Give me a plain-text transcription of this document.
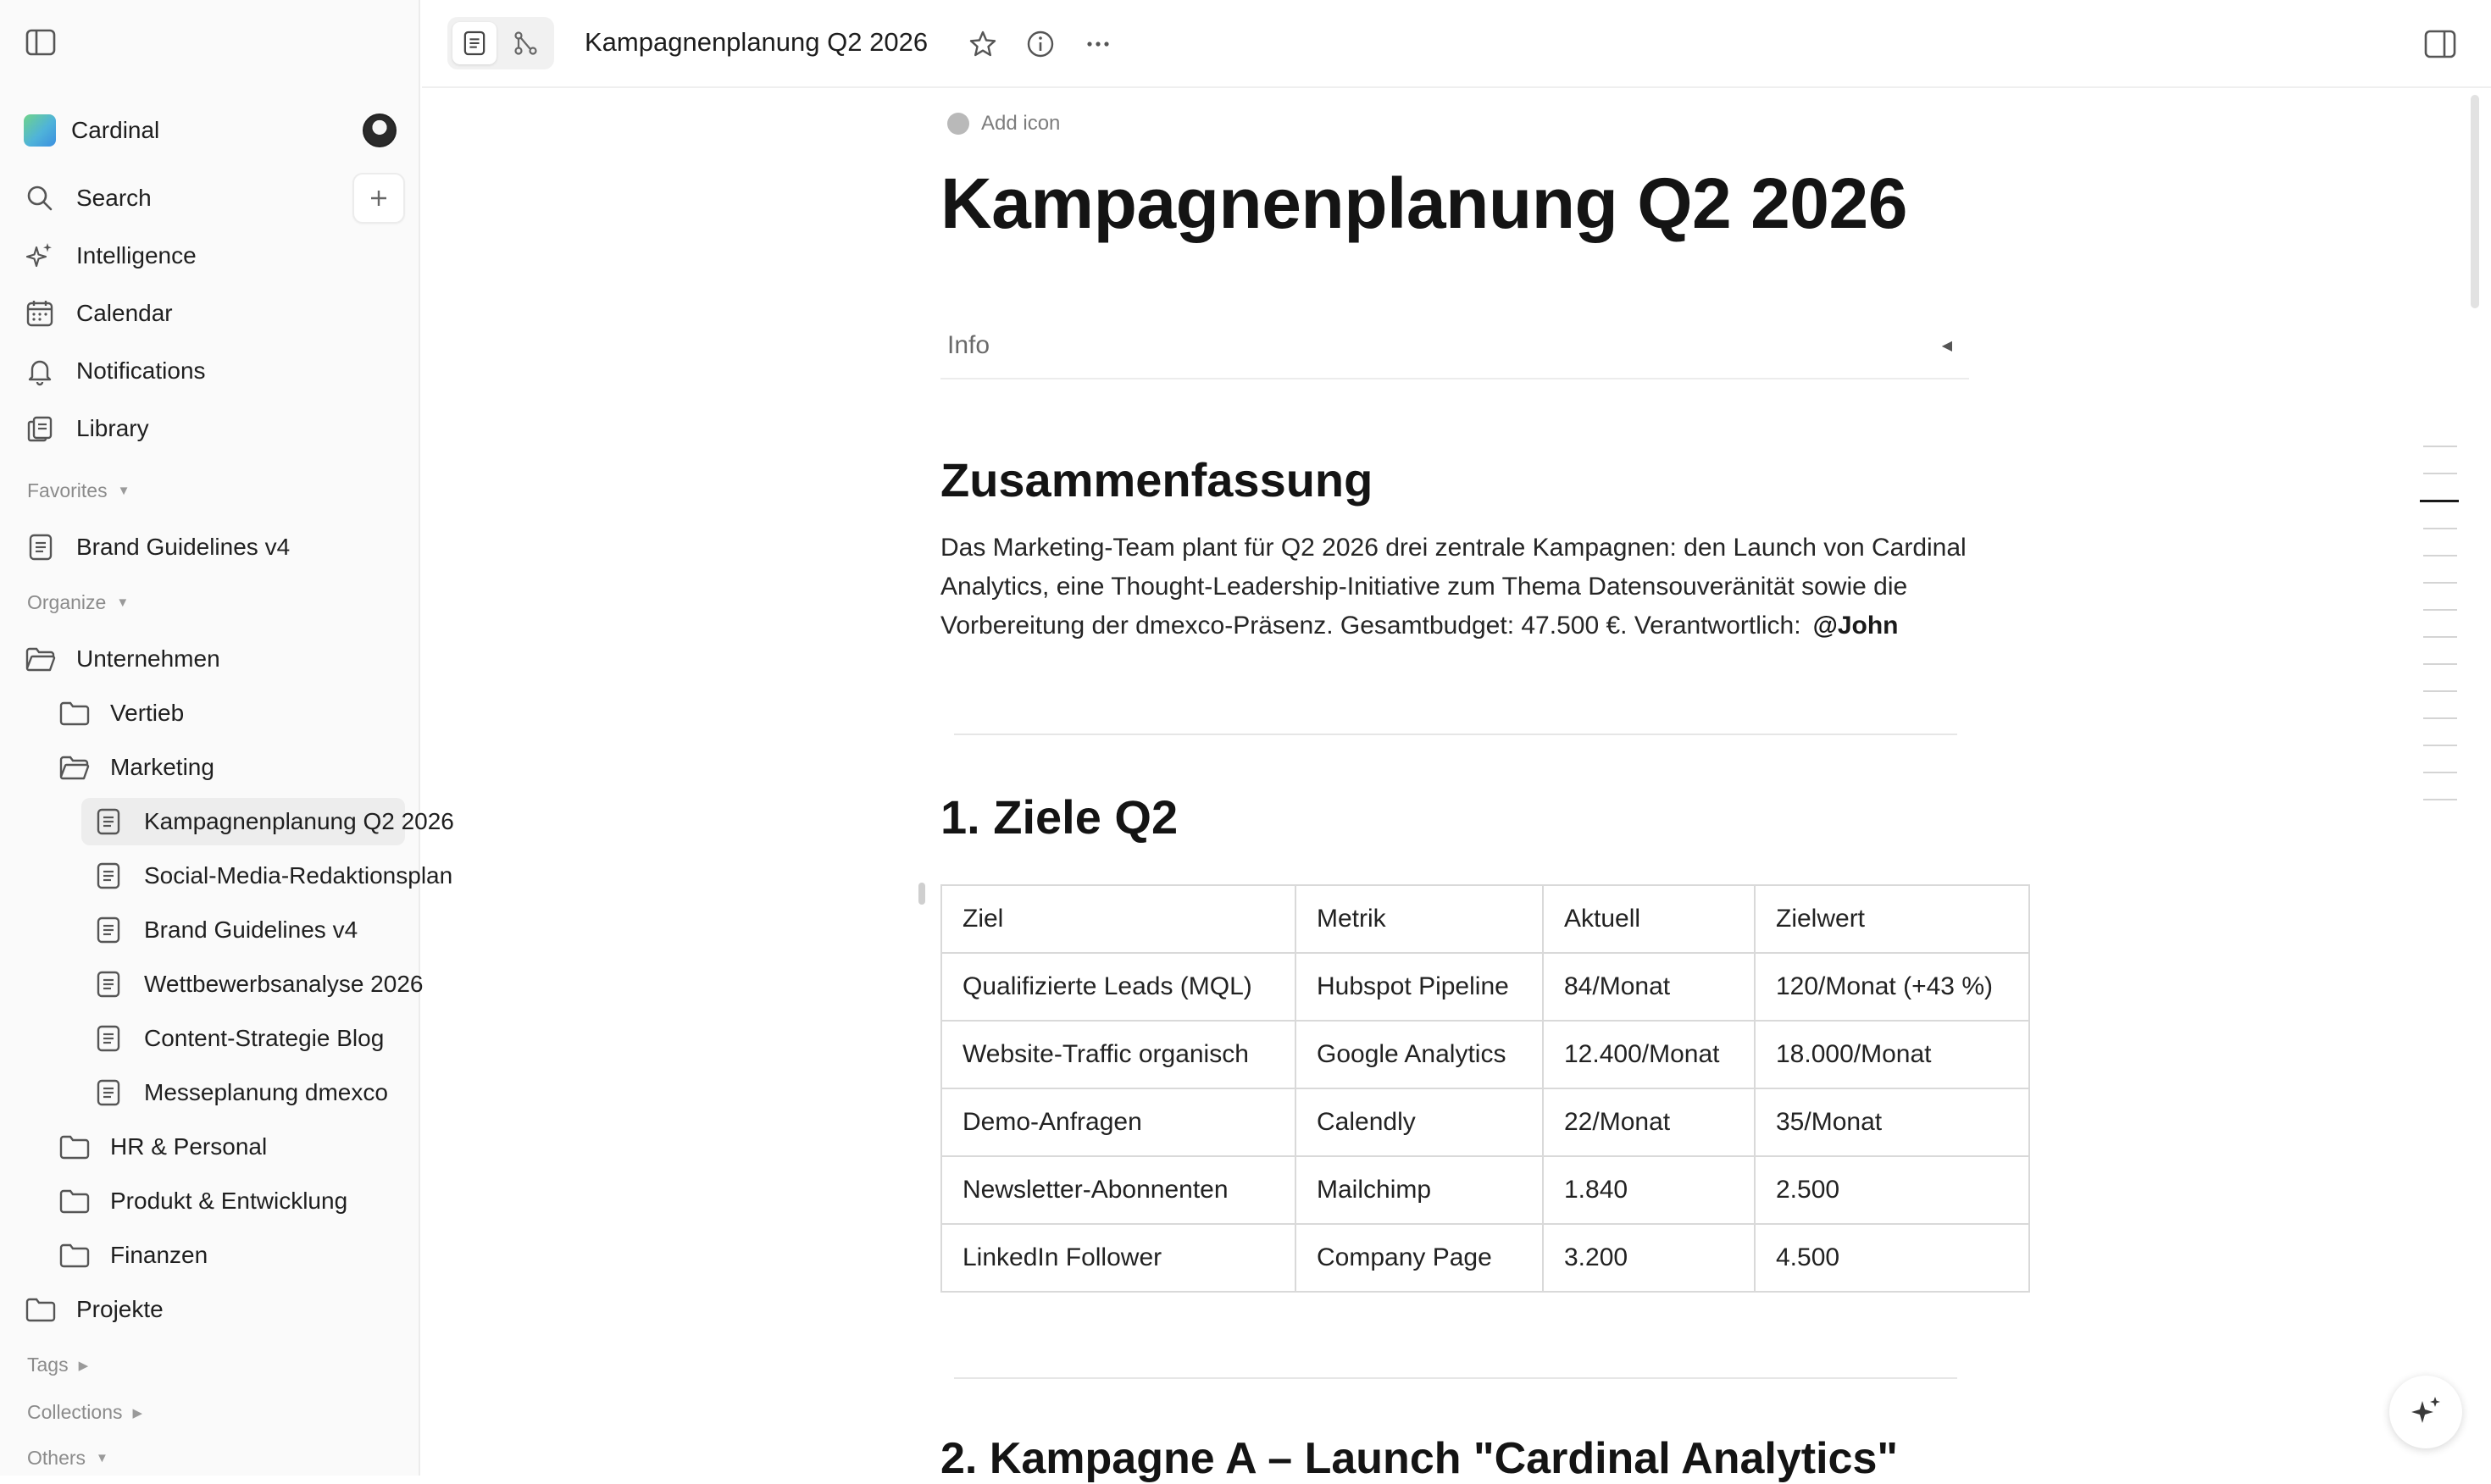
Cardinal
Search
Intelligence
Calendar
Notifications
Library
Favorites ▼
Brand Guidelines v4
Organize ▼
Unternehmen
Vertieb
Marketing
Kampagnenplanung Q2 2026
Social-Media-Redaktionsplan
Brand Guidelines v4
Wettbewerbsanalyse 2026
Content-Strategie Blog
Messeplanung dmexco
HR & Personal
Produkt & Entwicklung
Finanzen
Projekte
Tags ▶
Collections ▶
Others ▼
Kampagnenplanung Q2 2026
Add icon
Kampagnenplanung Q2 2026
Info	◀
Zusammenfassung

Das Marketing-Team plant für Q2 2026 drei zentrale Kampagnen: den Launch von Cardinal Analytics, eine Thought-Leadership-Initiative zum Thema Datensouveränität sowie die Vorbereitung der dmexco-Präsenz. Gesamtbudget: 47.500 €. Verantwortlich: @John

1. Ziele Q2
Ziel	Metrik	Aktuell	Zielwert
Qualifizierte Leads (MQL)	Hubspot Pipeline	84/Monat	120/Monat (+43 %)
Website-Traffic organisch	Google Analytics	12.400/Monat	18.000/Monat
Demo-Anfragen	Calendly	22/Monat	35/Monat
Newsletter-Abonnenten	Mailchimp	1.840	2.500
LinkedIn Follower	Company Page	3.200	4.500
2. Kampagne A – Launch "Cardinal Analytics"
